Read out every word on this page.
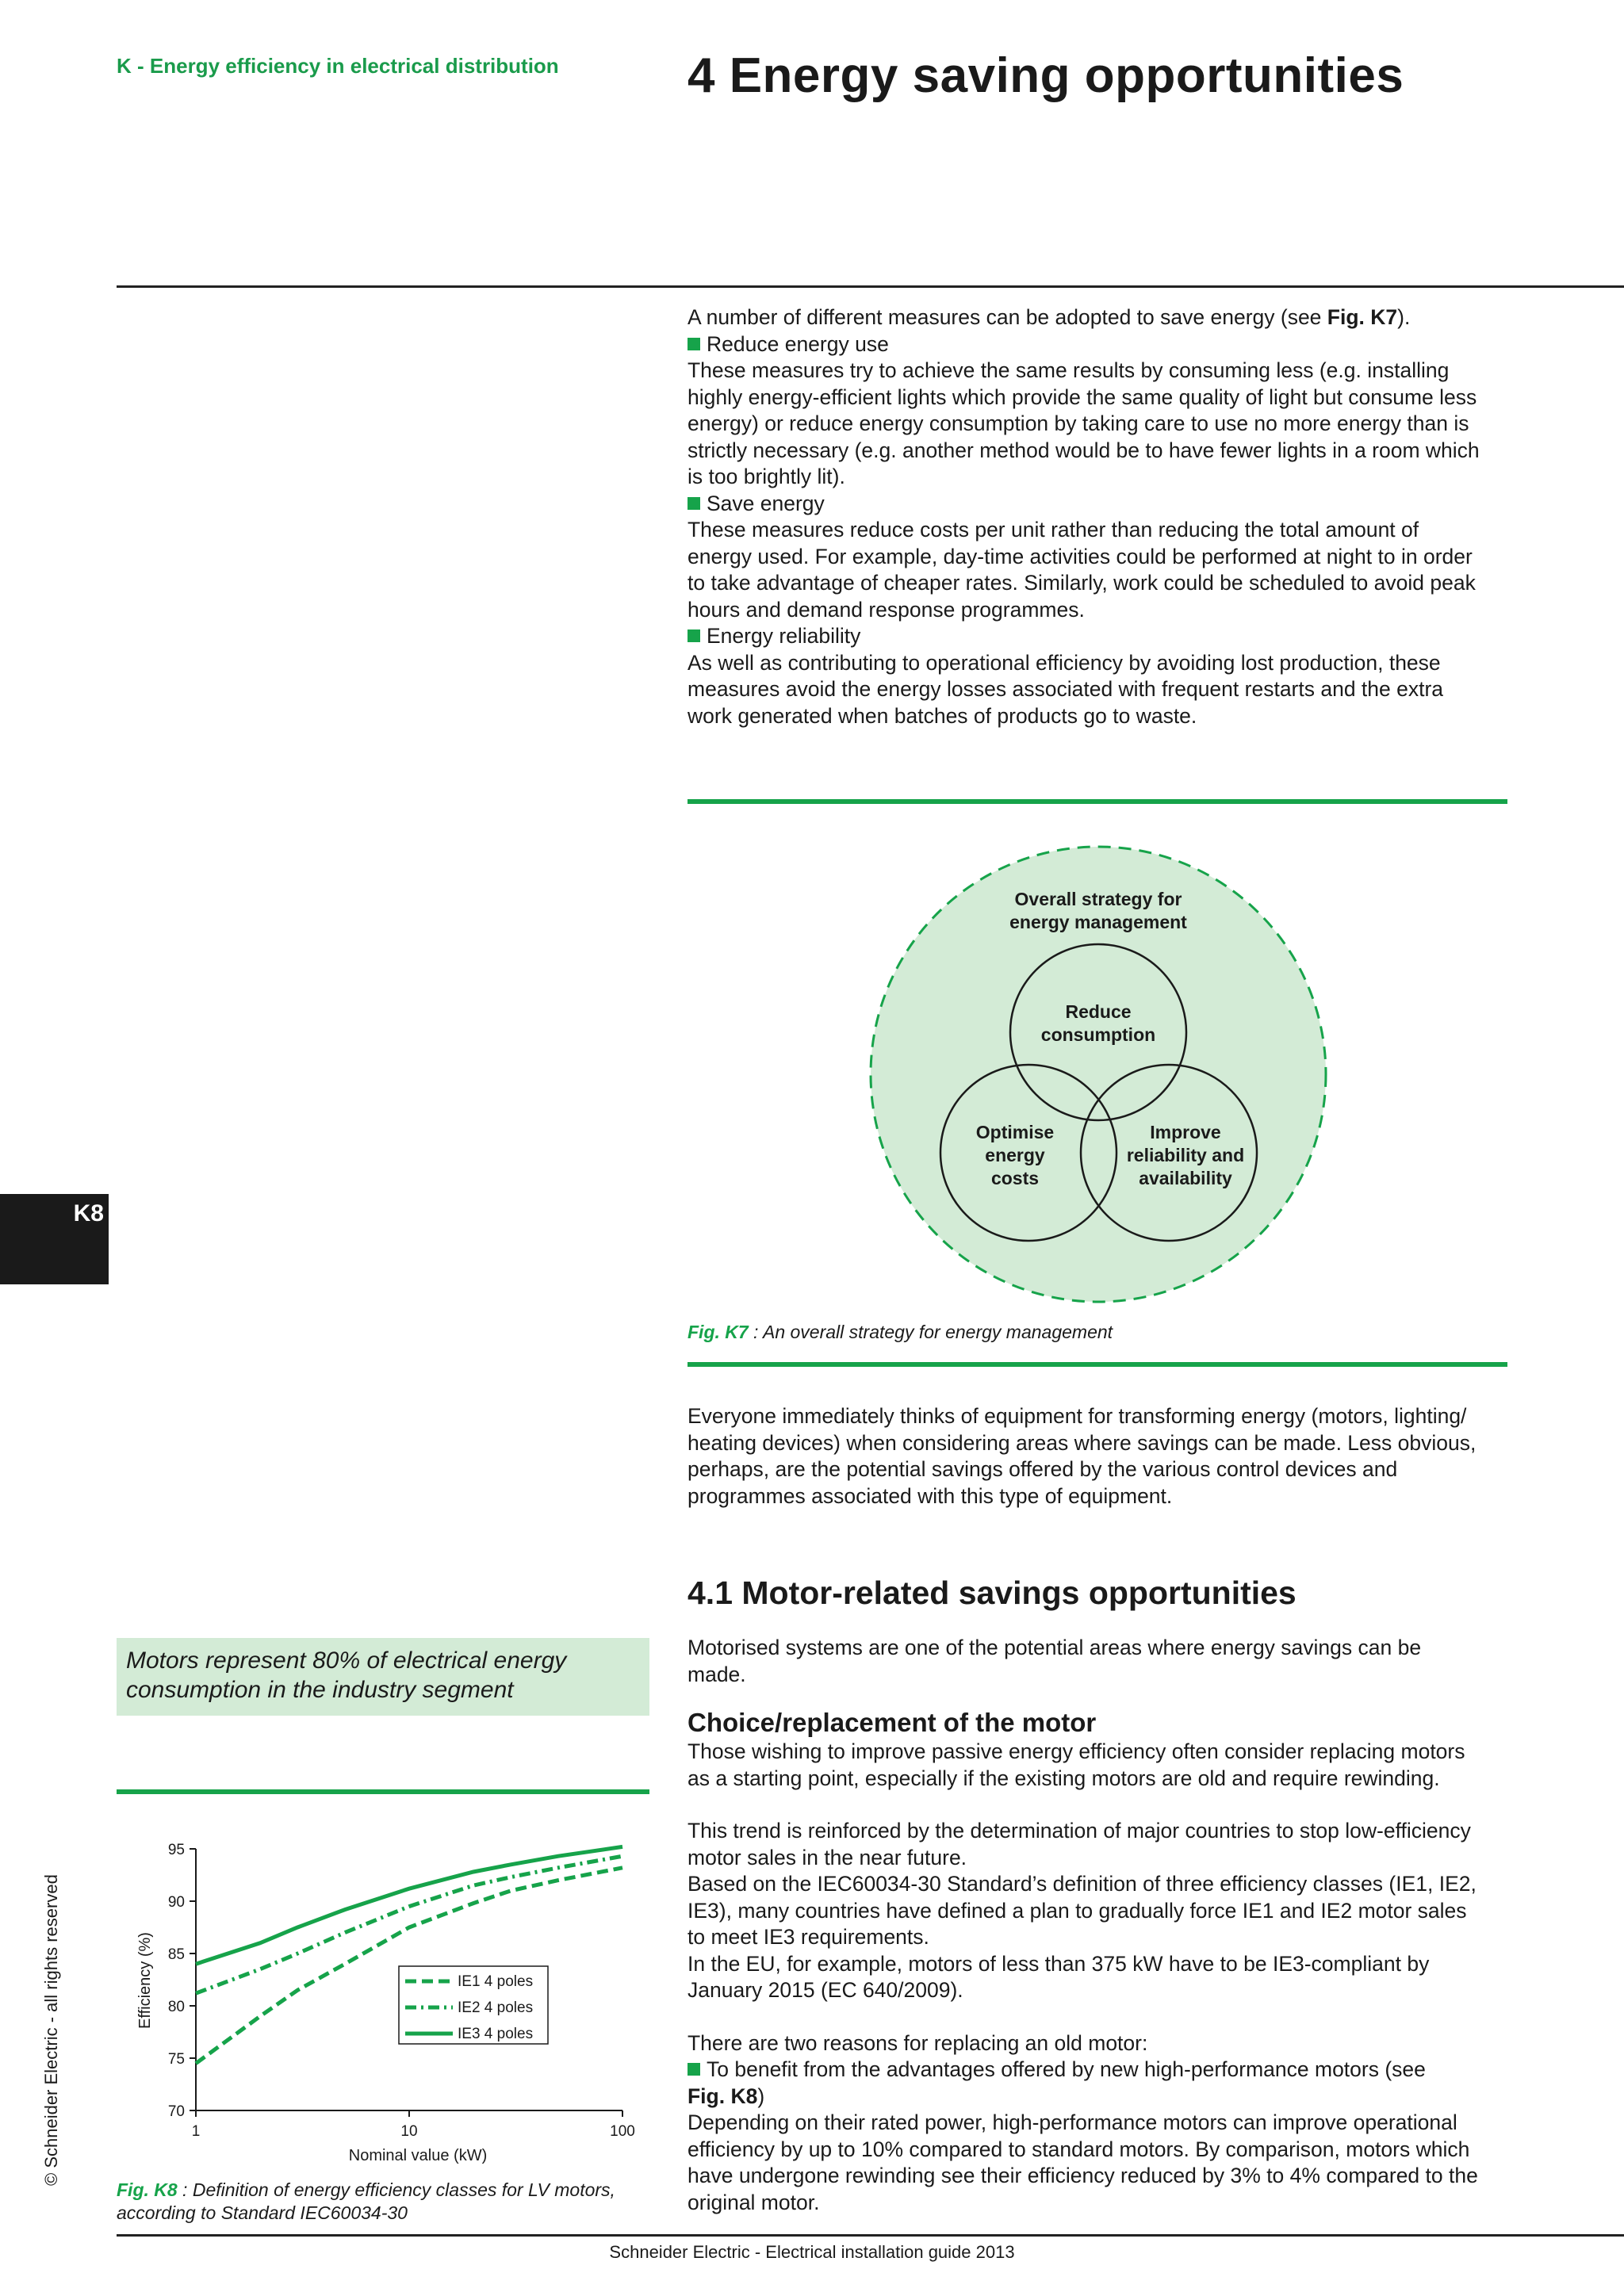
K - Energy efficiency in electrical distribution	4 Energy saving opportunities

A number of different measures can be adopted to save energy (see Fig. K7).

Reduce energy use

These measures try to achieve the same results by consuming less (e.g. installing

highly energy-efficient lights which provide the same quality of light but consume less

energy) or reduce energy consumption by taking care to use no more energy than is

strictly necessary (e.g. another method would be to have fewer lights in a room which

is too brightly lit).

Save energy

These measures reduce costs per unit rather than reducing the total amount of

energy used. For example, day-time activities could be performed at night to in order

to take advantage of cheaper rates. Similarly, work could be scheduled to avoid peak

hours and demand response programmes.

Energy reliability

As well as contributing to operational efficiency by avoiding lost production, these

measures avoid the energy losses associated with frequent restarts and the extra

work generated when batches of products go to waste.

Overall strategy for
energy management
Reduce
consumption
Optimise
energy
costs
Improve
reliability and
availability
Fig. K7 : An overall strategy for energy management

Everyone immediately thinks of equipment for transforming energy (motors, lighting/

heating devices) when considering areas where savings can be made. Less obvious,

perhaps, are the potential savings offered by the various control devices and

programmes associated with this type of equipment.

4.1 Motor-related savings opportunities

Motorised systems are one of the potential areas where energy savings can be

made.

Choice/replacement of the motor

Those wishing to improve passive energy efficiency often consider replacing motors

as a starting point, especially if the existing motors are old and require rewinding.

This trend is reinforced by the determination of major countries to stop low-efficiency

motor sales in the near future.

Based on the IEC60034-30 Standard’s definition of three efficiency classes (IE1, IE2,

IE3), many countries have defined a plan to gradually force IE1 and IE2 motor sales

to meet IE3 requirements.

In the EU, for example, motors of less than 375 kW have to be IE3-compliant by

January 2015 (EC 640/2009).

There are two reasons for replacing an old motor:

To benefit from the advantages offered by new high-performance motors (see

Fig. K8)

Depending on their rated power, high-performance motors can improve operational

efficiency by up to 10% compared to standard motors. By comparison, motors which

have undergone rewinding see their efficiency reduced by 3% to 4% compared to the

original motor.

Motors represent 80% of electrical energy
consumption in the industry segment
70
75
80
85
90
95
1	10	100
Nominal value (kW)
Efficiency (%)	IE1 4 poles
IE2 4 poles
IE3 4 poles
Fig. K8 : Definition of energy efficiency classes for LV motors,
according to Standard IEC60034-30
K8
© Schneider Electric - all rights reserved
Schneider Electric - Electrical installation guide 2013
